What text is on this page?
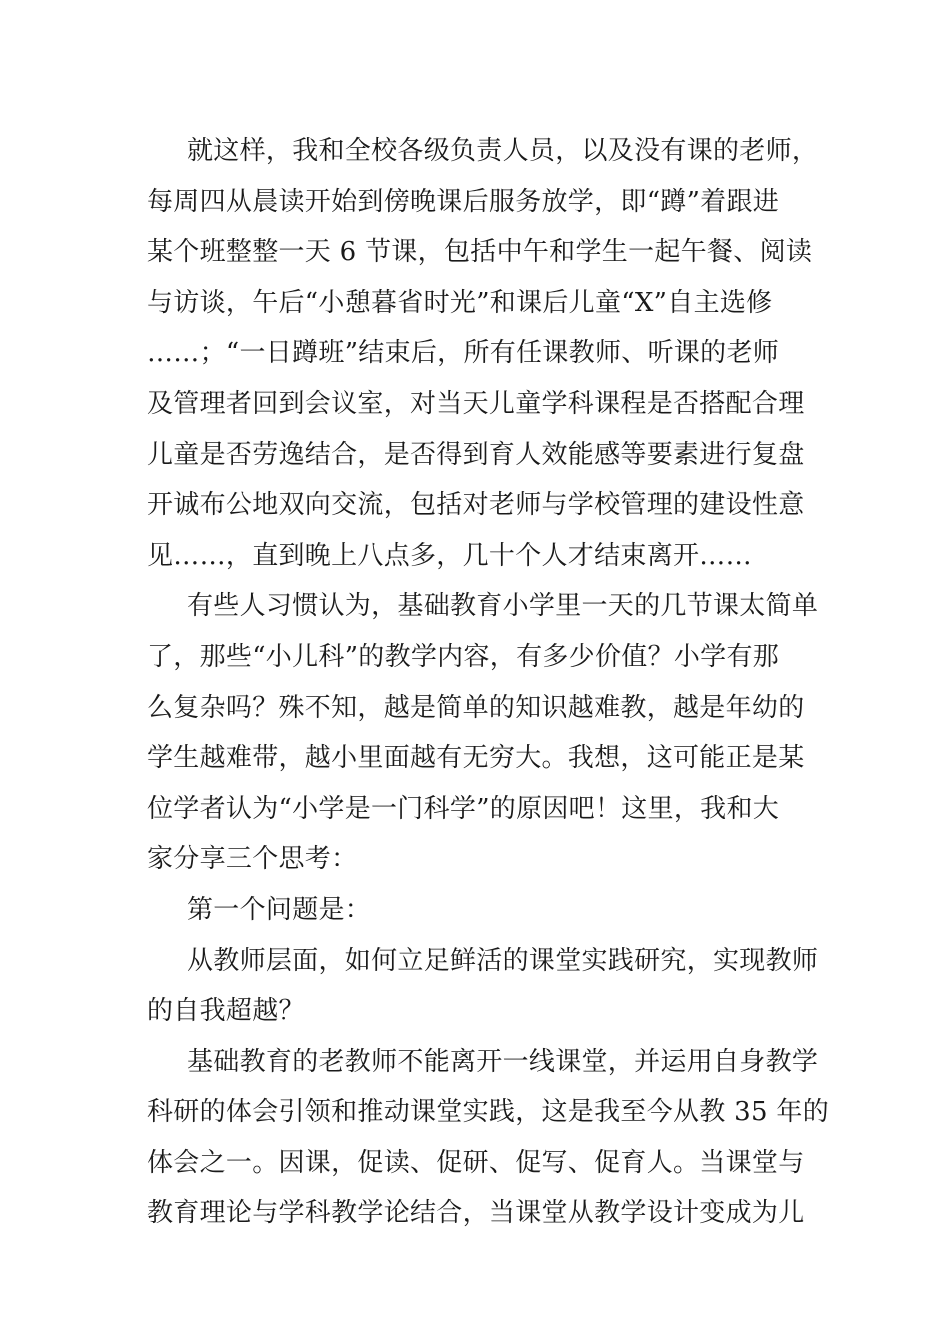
就这样，我和全校各级负责人员，以及没有课的老师，
每周四从晨读开始到傍晚课后服务放学，即“蹲”着跟进
某个班整整一天 6 节课，包括中午和学生一起午餐、阅读
与访谈，午后“小憩暮省时光”和课后儿童“X”自主选修
……；“一日蹲班”结束后，所有任课教师、听课的老师
及管理者回到会议室，对当天儿童学科课程是否搭配合理
儿童是否劳逸结合，是否得到育人效能感等要素进行复盘
开诚布公地双向交流，包括对老师与学校管理的建设性意
见……，直到晚上八点多，几十个人才结束离开……
有些人习惯认为，基础教育小学里一天的几节课太简单
了，那些“小儿科”的教学内容，有多少价值？小学有那
么复杂吗？殊不知，越是简单的知识越难教，越是年幼的
学生越难带，越小里面越有无穷大。我想，这可能正是某
位学者认为“小学是一门科学”的原因吧！这里，我和大
家分享三个思考：
第一个问题是：
从教师层面，如何立足鲜活的课堂实践研究，实现教师
的自我超越？
基础教育的老教师不能离开一线课堂，并运用自身教学
科研的体会引领和推动课堂实践，这是我至今从教 35 年的
体会之一。因课，促读、促研、促写、促育人。当课堂与
教育理论与学科教学论结合，当课堂从教学设计变成为儿
